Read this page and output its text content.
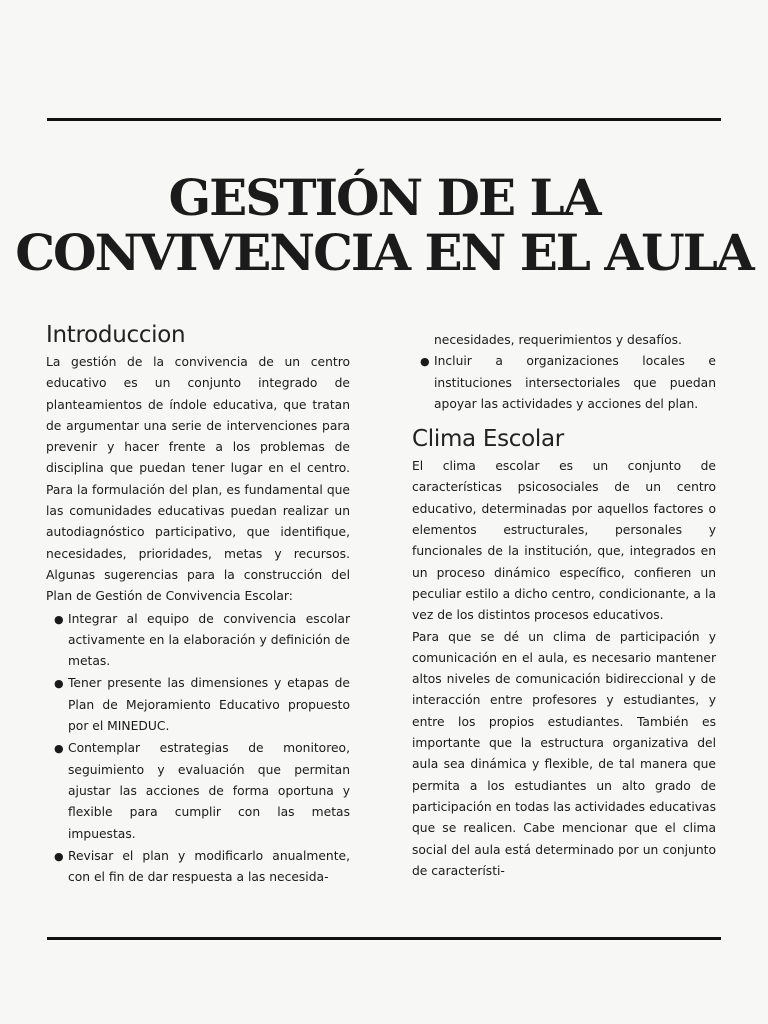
GESTIÓN DE LA
CONVIVENCIA EN EL AULA
Introduccion

La gestión de la convivencia de un centro educativo es un conjunto integrado de planteamientos de índole educativa, que tratan de argumentar una serie de intervenciones para prevenir y hacer frente a los problemas de disciplina que puedan tener lugar en el centro. Para la formulación del plan, es fundamental que las comunidades educativas puedan realizar un autodiagnóstico participativo, que identifique, necesidades, prioridades, metas y recursos. Algunas sugerencias para la construcción del Plan de Gestión de Convivencia Escolar:

● Integrar al equipo de convivencia escolar activamente en la elaboración y definición de metas.
● Tener presente las dimensiones y etapas de Plan de Mejoramiento Educativo propuesto por el MINEDUC.
● Contemplar estrategias de monitoreo, seguimiento y evaluación que permitan ajustar las acciones de forma oportuna y flexible para cumplir con las metas impuestas.
● Revisar el plan y modificarlo anualmente, con el fin de dar respuesta a las necesida-
necesidades, requerimientos y desafíos.
● Incluir a organizaciones locales e instituciones intersectoriales que puedan apoyar las actividades y acciones del plan.
Clima Escolar

El clima escolar es un conjunto de características psicosociales de un centro educativo, determinadas por aquellos factores o elementos estructurales, personales y funcionales de la institución, que, integrados en un proceso dinámico específico, confieren un peculiar estilo a dicho centro, condicionante, a la vez de los distintos procesos educativos.

Para que se dé un clima de participación y comunicación en el aula, es necesario mantener altos niveles de comunicación bidireccional y de interacción entre profesores y estudiantes, y entre los propios estudiantes. También es importante que la estructura organizativa del aula sea dinámica y flexible, de tal manera que permita a los estudiantes un alto grado de participación en todas las actividades educativas que se realicen. Cabe mencionar que el clima social del aula está determinado por un conjunto de característi-
